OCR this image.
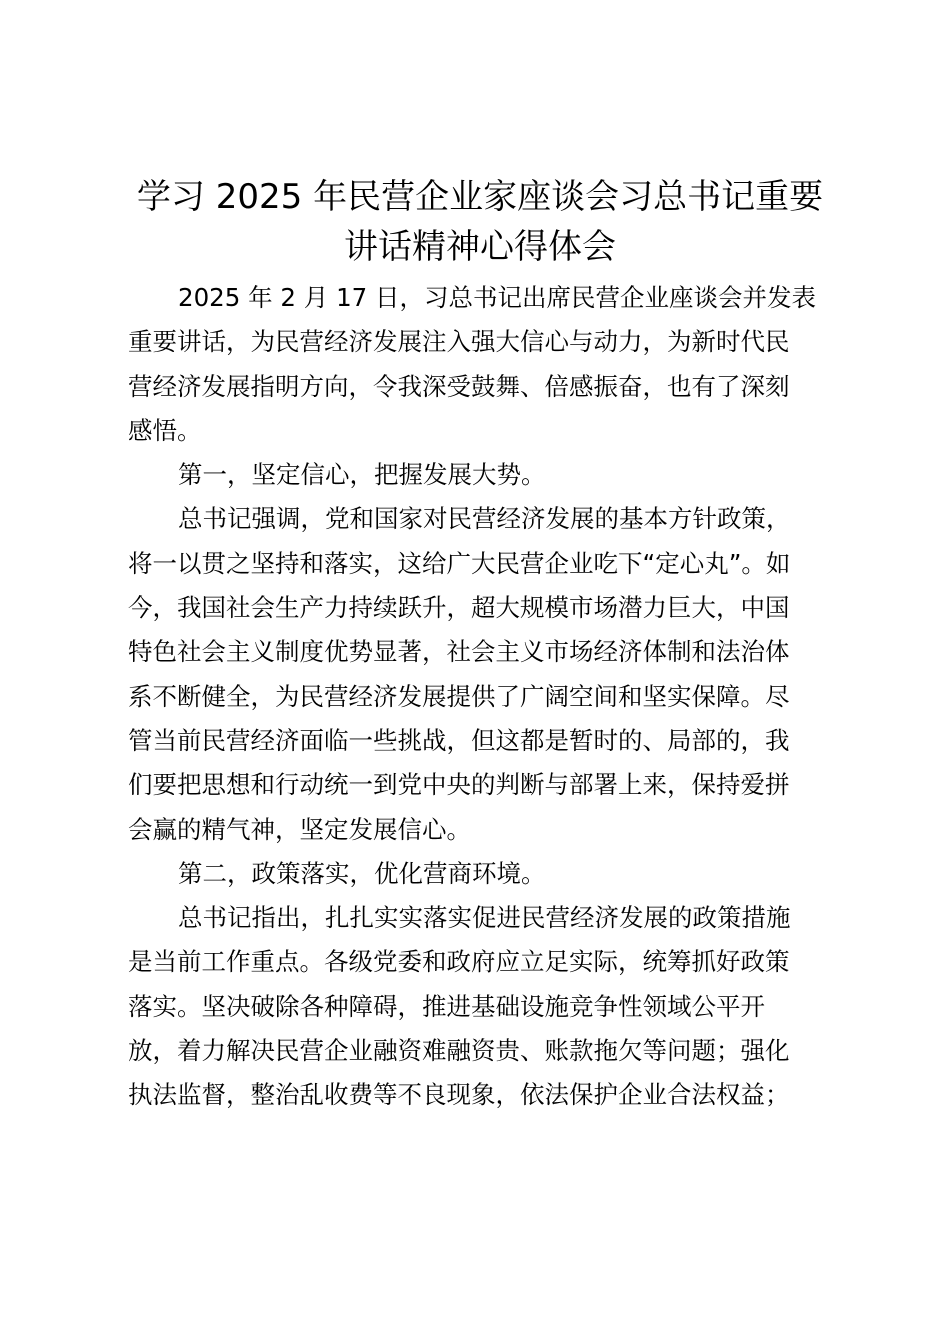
学习 2025 年民营企业家座谈会习总书记重要
讲话精神心得体会
2025 年 2 月 17 日，习总书记出席民营企业座谈会并发表
重要讲话，为民营经济发展注入强大信心与动力，为新时代民
营经济发展指明方向，令我深受鼓舞、倍感振奋，也有了深刻
感悟。
第一，坚定信心，把握发展大势。
总书记强调，党和国家对民营经济发展的基本方针政策，
将一以贯之坚持和落实，这给广大民营企业吃下“定心丸”。如
今，我国社会生产力持续跃升，超大规模市场潜力巨大，中国
特色社会主义制度优势显著，社会主义市场经济体制和法治体
系不断健全，为民营经济发展提供了广阔空间和坚实保障。尽
管当前民营经济面临一些挑战，但这都是暂时的、局部的，我
们要把思想和行动统一到党中央的判断与部署上来，保持爱拼
会赢的精气神，坚定发展信心。
第二，政策落实，优化营商环境。
总书记指出，扎扎实实落实促进民营经济发展的政策措施
是当前工作重点。各级党委和政府应立足实际，统筹抓好政策
落实。坚决破除各种障碍，推进基础设施竞争性领域公平开
放，着力解决民营企业融资难融资贵、账款拖欠等问题；强化
执法监督，整治乱收费等不良现象，依法保护企业合法权益；
